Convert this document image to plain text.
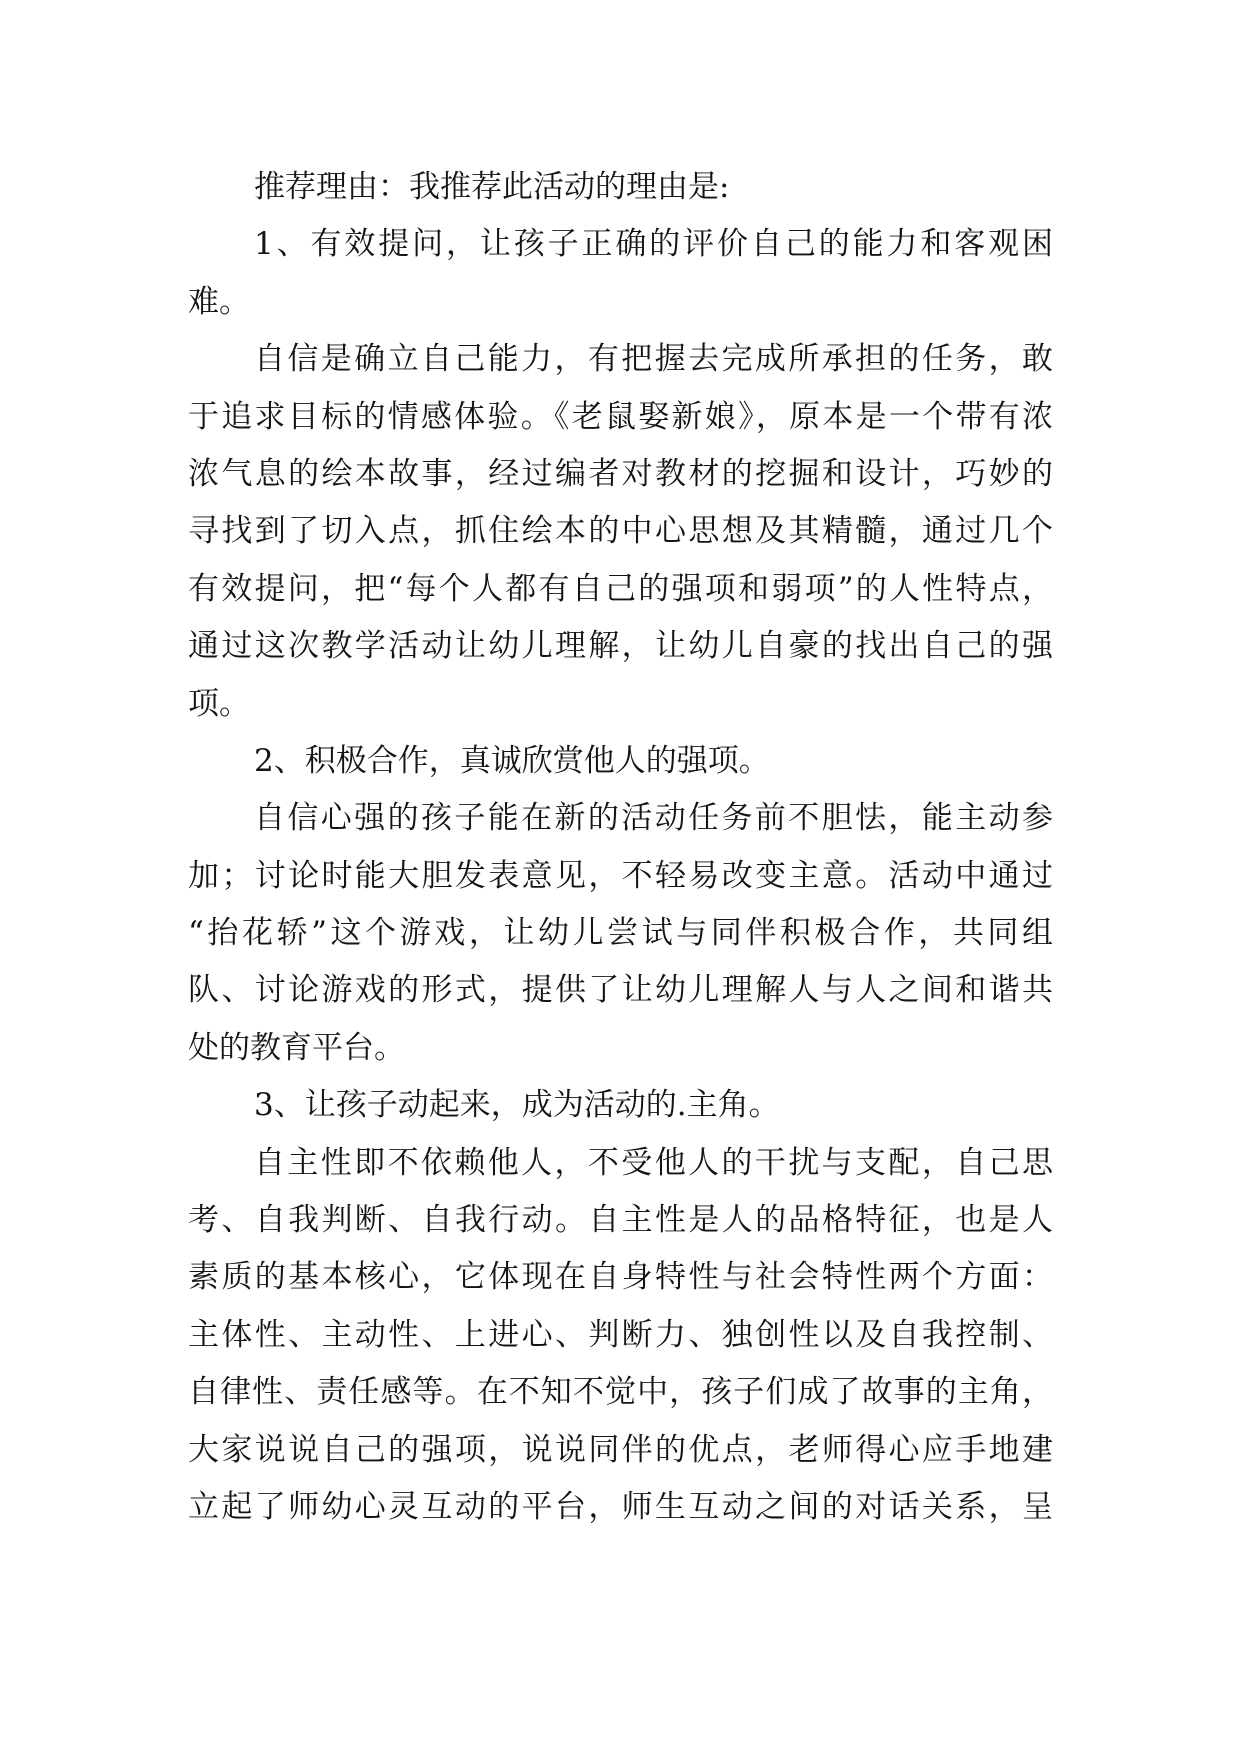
推荐理由：我推荐此活动的理由是:
1、有效提问，让孩子正确的评价自己的能力和客观困
难。
自信是确立自己能力，有把握去完成所承担的任务，敢
于追求目标的情感体验。《老鼠娶新娘》，原本是一个带有浓
浓气息的绘本故事，经过编者对教材的挖掘和设计，巧妙的
寻找到了切入点，抓住绘本的中心思想及其精髓，通过几个
有效提问，把“每个人都有自己的强项和弱项”的人性特点，
通过这次教学活动让幼儿理解，让幼儿自豪的找出自己的强
项。
2、积极合作，真诚欣赏他人的强项。
自信心强的孩子能在新的活动任务前不胆怯，能主动参
加；讨论时能大胆发表意见，不轻易改变主意。活动中通过
“抬花轿”这个游戏，让幼儿尝试与同伴积极合作，共同组
队、讨论游戏的形式，提供了让幼儿理解人与人之间和谐共
处的教育平台。
3、让孩子动起来，成为活动的.主角。
自主性即不依赖他人，不受他人的干扰与支配，自己思
考、自我判断、自我行动。自主性是人的品格特征，也是人
素质的基本核心，它体现在自身特性与社会特性两个方面：
主体性、主动性、上进心、判断力、独创性以及自我控制、
自律性、责任感等。在不知不觉中，孩子们成了故事的主角，
大家说说自己的强项，说说同伴的优点，老师得心应手地建
立起了师幼心灵互动的平台，师生互动之间的对话关系，呈
